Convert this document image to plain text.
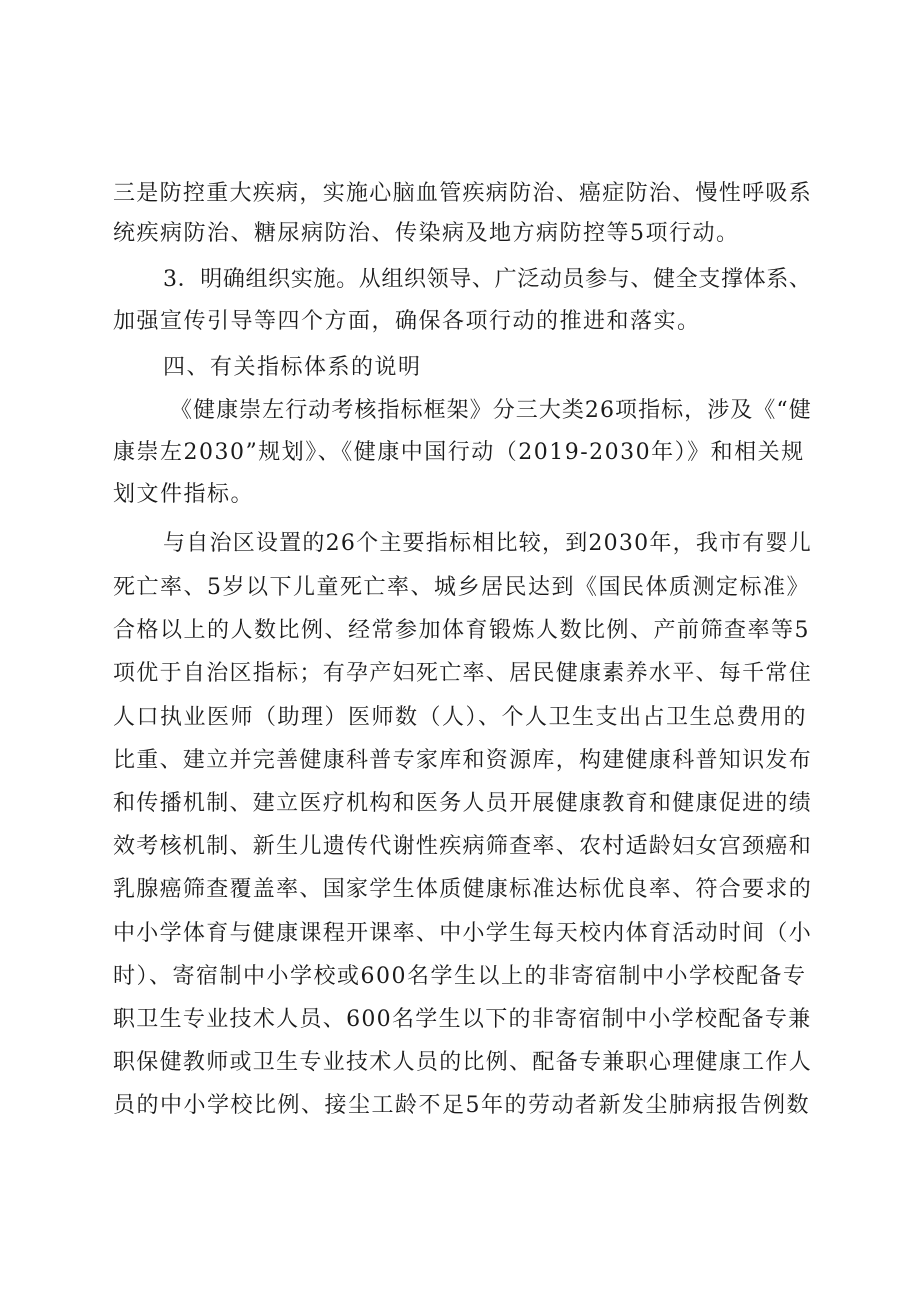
三是防控重大疾病，实施心脑血管疾病防治、癌症防治、慢性呼吸系
统疾病防治、糖尿病防治、传染病及地方病防控等5项行动。
3．明确组织实施。从组织领导、广泛动员参与、健全支撑体系、
加强宣传引导等四个方面，确保各项行动的推进和落实。
四、有关指标体系的说明
《健康崇左行动考核指标框架》分三大类26项指标，涉及《“健
康崇左2030”规划》、《健康中国行动（2019-2030年）》和相关规
划文件指标。
与自治区设置的26个主要指标相比较，到2030年，我市有婴儿
死亡率、5岁以下儿童死亡率、城乡居民达到《国民体质测定标准》
合格以上的人数比例、经常参加体育锻炼人数比例、产前筛查率等5
项优于自治区指标；有孕产妇死亡率、居民健康素养水平、每千常住
人口执业医师（助理）医师数（人）、个人卫生支出占卫生总费用的
比重、建立并完善健康科普专家库和资源库，构建健康科普知识发布
和传播机制、建立医疗机构和医务人员开展健康教育和健康促进的绩
效考核机制、新生儿遗传代谢性疾病筛查率、农村适龄妇女宫颈癌和
乳腺癌筛查覆盖率、国家学生体质健康标准达标优良率、符合要求的
中小学体育与健康课程开课率、中小学生每天校内体育活动时间（小
时）、寄宿制中小学校或600名学生以上的非寄宿制中小学校配备专
职卫生专业技术人员、600名学生以下的非寄宿制中小学校配备专兼
职保健教师或卫生专业技术人员的比例、配备专兼职心理健康工作人
员的中小学校比例、接尘工龄不足5年的劳动者新发尘肺病报告例数
